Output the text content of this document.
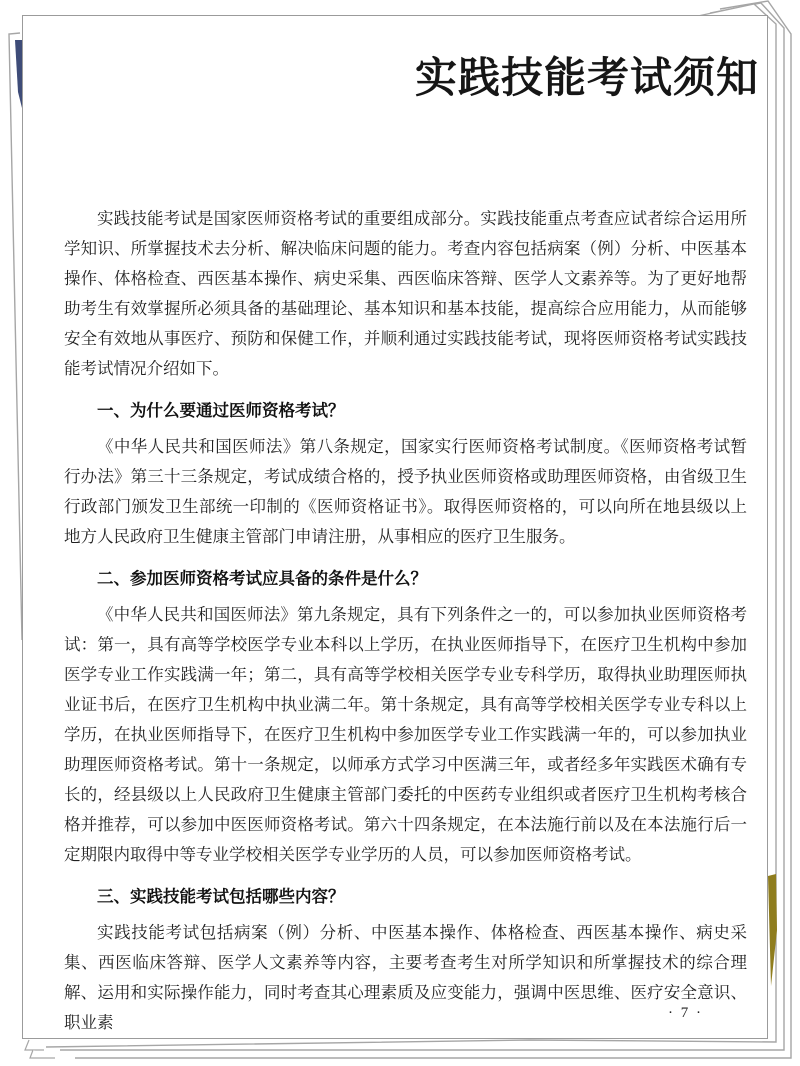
实践技能考试须知

实践技能考试是国家医师资格考试的重要组成部分。实践技能重点考查应试者综合运用所学知识、所掌握技术去分析、解决临床问题的能力。考查内容包括病案（例）分析、中医基本操作、体格检查、西医基本操作、病史采集、西医临床答辩、医学人文素养等。为了更好地帮助考生有效掌握所必须具备的基础理论、基本知识和基本技能，提高综合应用能力，从而能够安全有效地从事医疗、预防和保健工作，并顺利通过实践技能考试，现将医师资格考试实践技能考试情况介绍如下。

一、为什么要通过医师资格考试？

《中华人民共和国医师法》第八条规定，国家实行医师资格考试制度。《医师资格考试暂行办法》第三十三条规定，考试成绩合格的，授予执业医师资格或助理医师资格，由省级卫生行政部门颁发卫生部统一印制的《医师资格证书》。取得医师资格的，可以向所在地县级以上地方人民政府卫生健康主管部门申请注册，从事相应的医疗卫生服务。

二、参加医师资格考试应具备的条件是什么？

《中华人民共和国医师法》第九条规定，具有下列条件之一的，可以参加执业医师资格考试：第一，具有高等学校医学专业本科以上学历，在执业医师指导下，在医疗卫生机构中参加医学专业工作实践满一年；第二，具有高等学校相关医学专业专科学历，取得执业助理医师执业证书后，在医疗卫生机构中执业满二年。第十条规定，具有高等学校相关医学专业专科以上学历，在执业医师指导下，在医疗卫生机构中参加医学专业工作实践满一年的，可以参加执业助理医师资格考试。第十一条规定，以师承方式学习中医满三年，或者经多年实践医术确有专长的，经县级以上人民政府卫生健康主管部门委托的中医药专业组织或者医疗卫生机构考核合格并推荐，可以参加中医医师资格考试。第六十四条规定，在本法施行前以及在本法施行后一定期限内取得中等专业学校相关医学专业学历的人员，可以参加医师资格考试。

三、实践技能考试包括哪些内容？

实践技能考试包括病案（例）分析、中医基本操作、体格检查、西医基本操作、病史采集、西医临床答辩、医学人文素养等内容，主要考查考生对所学知识和所掌握技术的综合理解、运用和实际操作能力，同时考查其心理素质及应变能力，强调中医思维、医疗安全意识、职业素	· 7 ·
